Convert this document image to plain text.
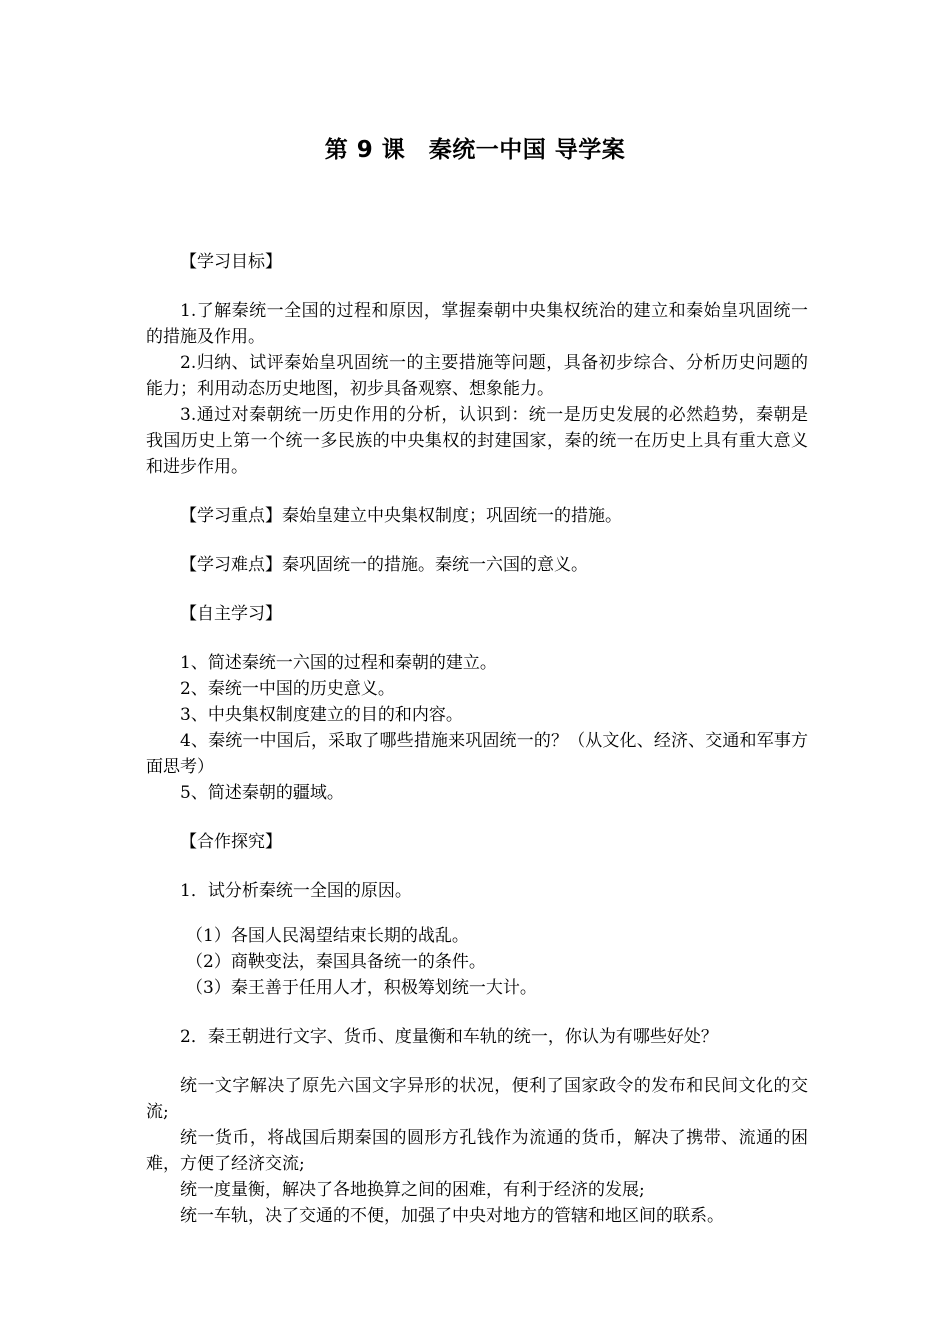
第 9 课　秦统一中国 导学案

【学习目标】

1.了解秦统一全国的过程和原因，掌握秦朝中央集权统治的建立和秦始皇巩固统一的措施及作用。

2.归纳、试评秦始皇巩固统一的主要措施等问题，具备初步综合、分析历史问题的能力；利用动态历史地图，初步具备观察、想象能力。

3.通过对秦朝统一历史作用的分析，认识到：统一是历史发展的必然趋势，秦朝是我国历史上第一个统一多民族的中央集权的封建国家，秦的统一在历史上具有重大意义和进步作用。

【学习重点】秦始皇建立中央集权制度；巩固统一的措施。

【学习难点】秦巩固统一的措施。秦统一六国的意义。

【自主学习】

1、简述秦统一六国的过程和秦朝的建立。

2、秦统一中国的历史意义。

3、中央集权制度建立的目的和内容。

4、秦统一中国后，采取了哪些措施来巩固统一的？（从文化、经济、交通和军事方面思考）

5、简述秦朝的疆域。

【合作探究】

1．试分析秦统一全国的原因。

（1）各国人民渴望结束长期的战乱。

（2）商鞅变法，秦国具备统一的条件。

（3）秦王善于任用人才，积极筹划统一大计。

2．秦王朝进行文字、货币、度量衡和车轨的统一，你认为有哪些好处？

统一文字解决了原先六国文字异形的状况，便利了国家政令的发布和民间文化的交流;

统一货币，将战国后期秦国的圆形方孔钱作为流通的货币，解决了携带、流通的困难，方便了经济交流;

统一度量衡，解决了各地换算之间的困难，有利于经济的发展;

统一车轨，决了交通的不便，加强了中央对地方的管辖和地区间的联系。
